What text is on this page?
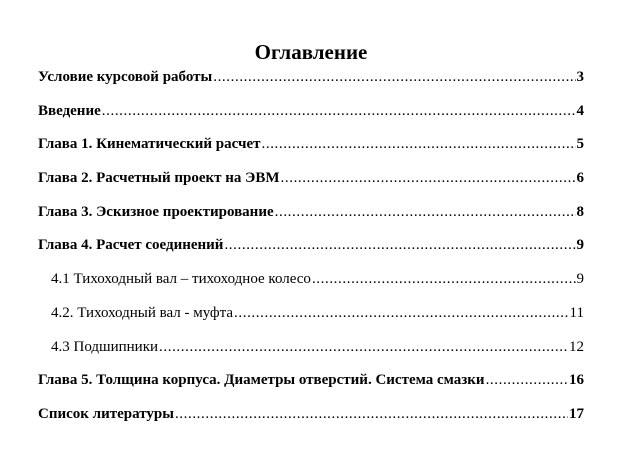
Оглавление
Условие курсовой работы .....	3
Введение .....	4
Глава 1. Кинематический расчет .....	5
Глава 2. Расчетный проект на ЭВМ .....	6
Глава 3. Эскизное проектирование .....	8
Глава 4. Расчет соединений .....	9
4.1 Тихоходный вал – тихоходное колесо .....	9
4.2. Тихоходный вал - муфта .....	11
4.3 Подшипники .....	12
Глава 5. Толщина корпуса. Диаметры отверстий. Система смазки .....	16
Список литературы .....	17
